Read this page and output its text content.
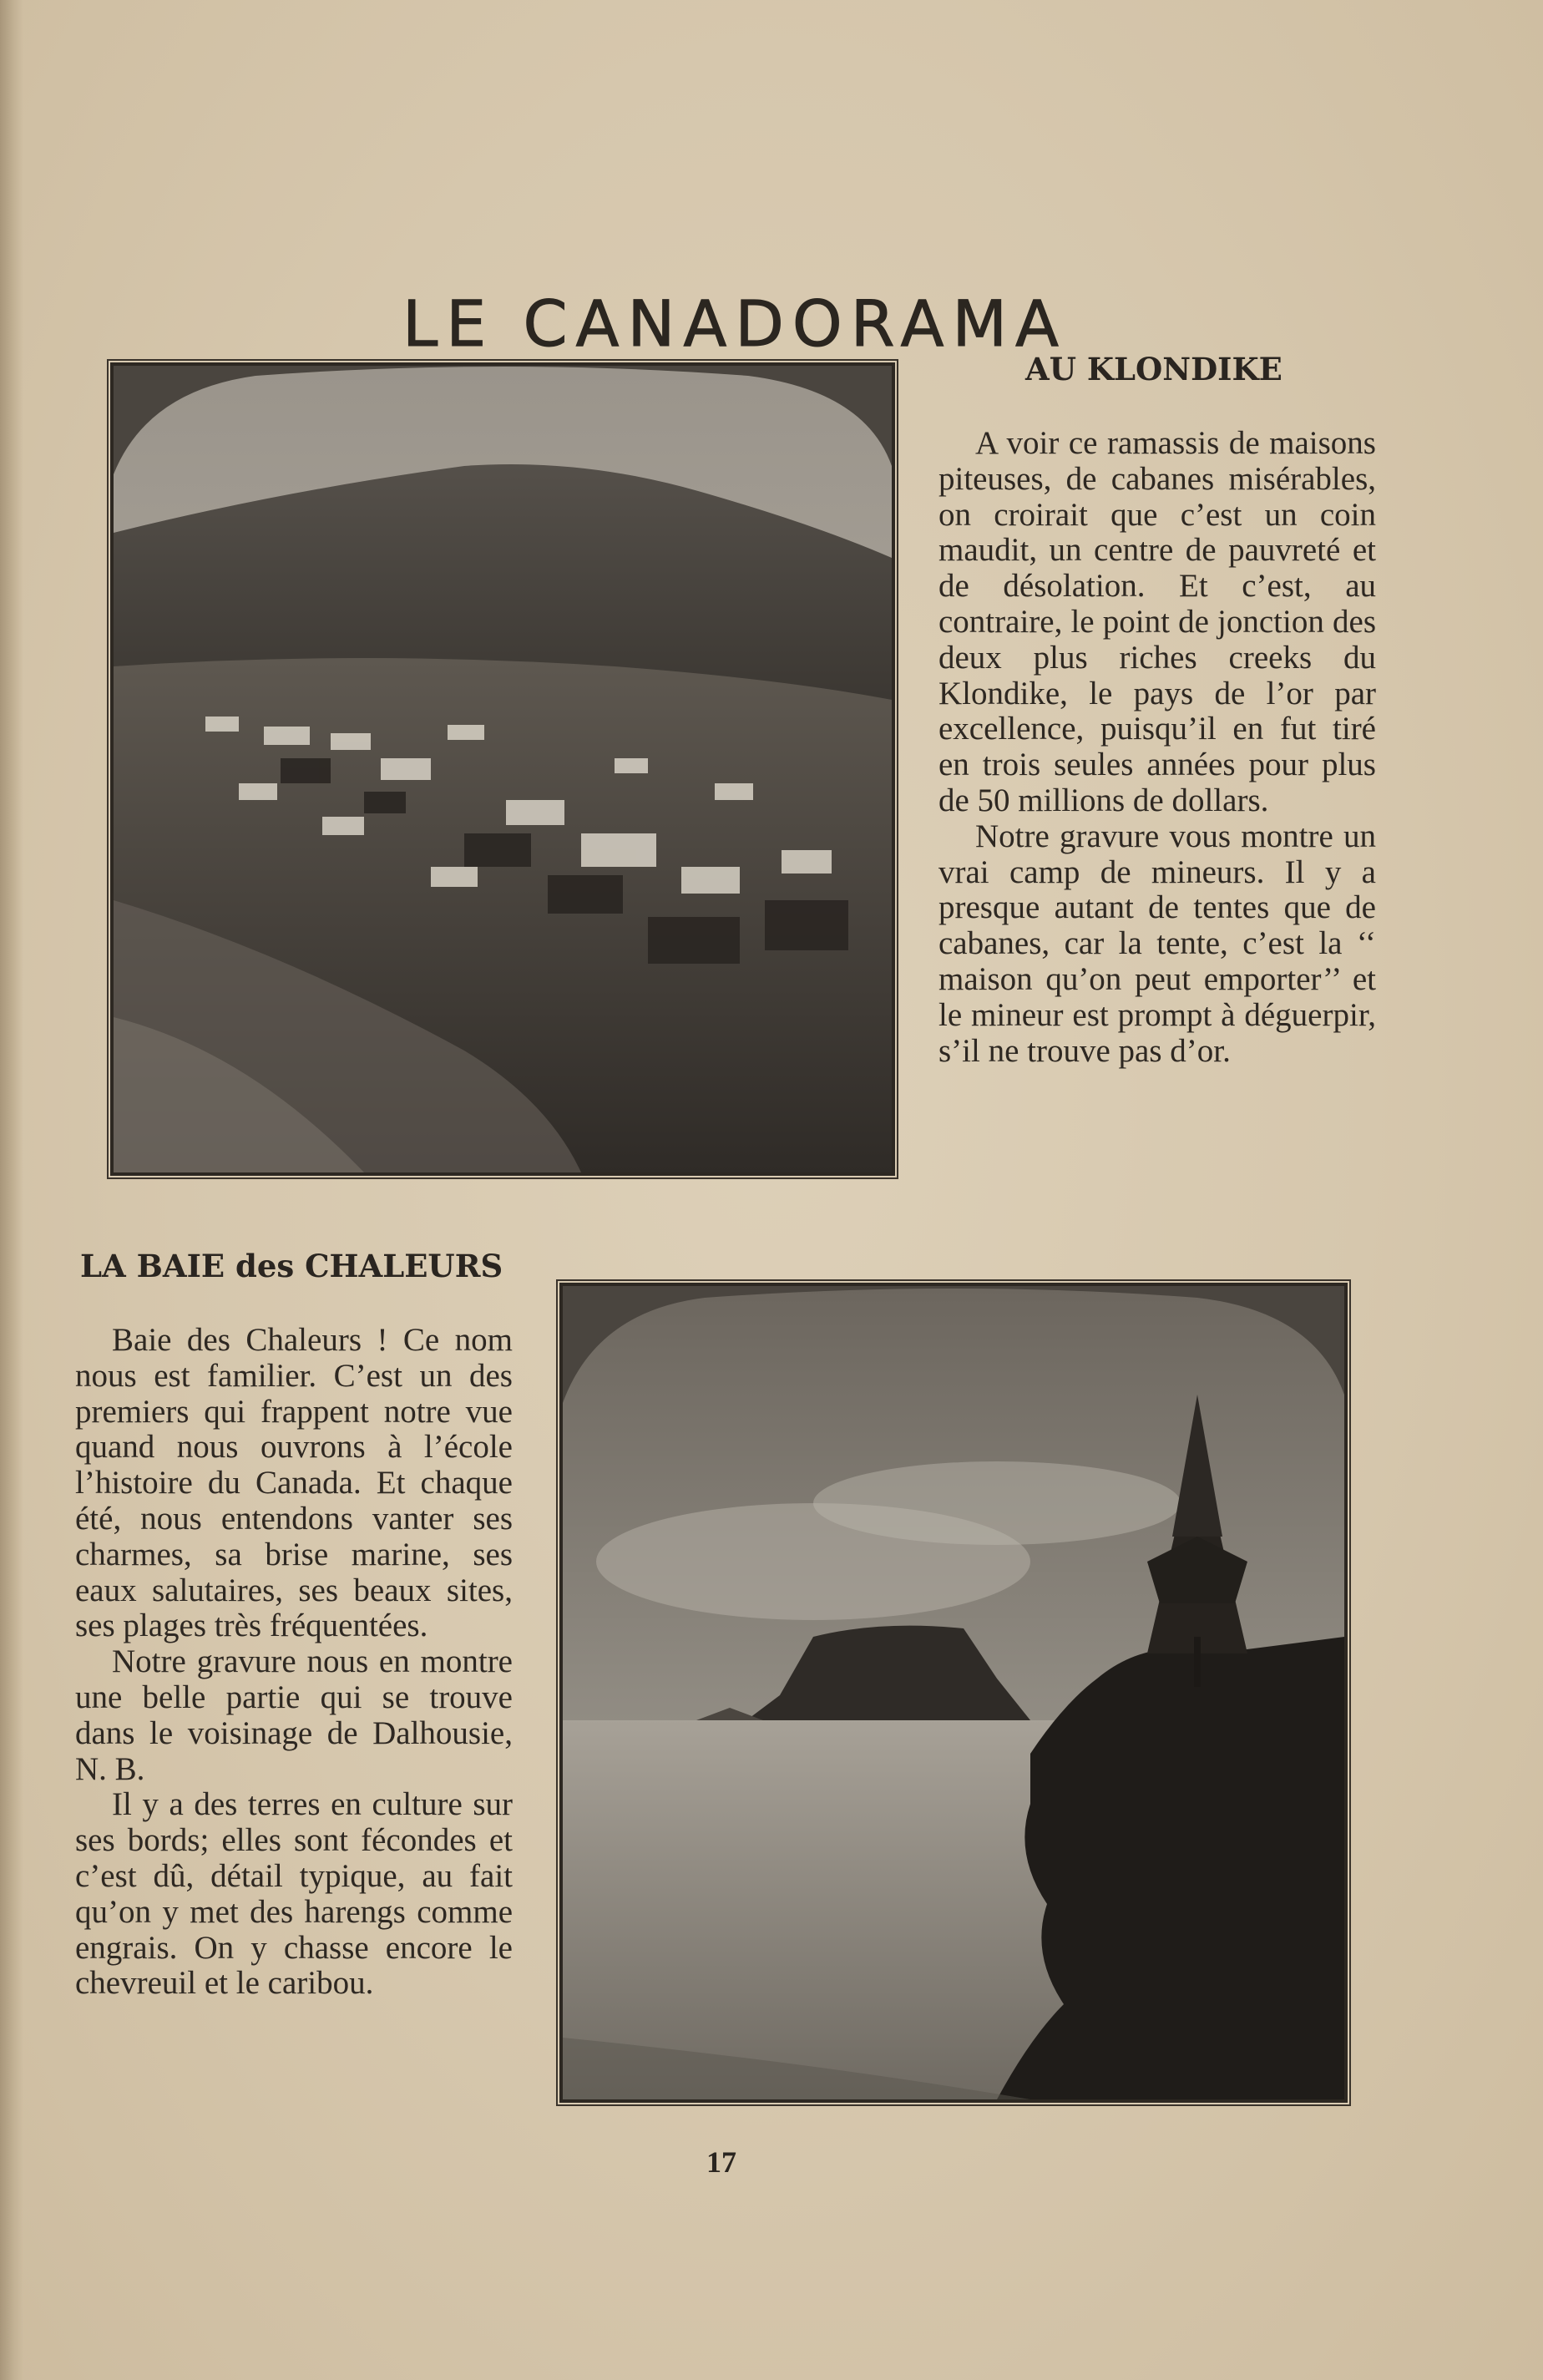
LE CANADORAMA
AU KLONDIKE

A voir ce ramassis de maisons piteuses, de cabanes misérables, on croirait que c’est un coin maudit, un centre de pauvreté et de désolation. Et c’est, au contraire, le point de jonction des deux plus riches creeks du Klondike, le pays de l’or par excellence, puisqu’il en fut tiré en trois seules années pour plus de 50 millions de dollars.

Notre gravure vous montre un vrai camp de mineurs. Il y a presque autant de tentes que de cabanes, car la tente, c’est la ‘‘ maison qu’on peut emporter’’ et le mineur est prompt à déguerpir, s’il ne trouve pas d’or.

LA BAIE des CHALEURS

Baie des Chaleurs ! Ce nom nous est familier. C’est un des premiers qui frappent notre vue quand nous ouvrons à l’école l’histoire du Canada. Et chaque été, nous entendons vanter ses charmes, sa brise marine, ses eaux salutaires, ses beaux sites, ses plages très fréquentées.

Notre gravure nous en montre une belle partie qui se trouve dans le voisinage de Dalhousie, N. B.

Il y a des terres en culture sur ses bords; elles sont fécondes et c’est dû, détail typique, au fait qu’on y met des harengs comme engrais. On y chasse encore le chevreuil et le caribou.

17
